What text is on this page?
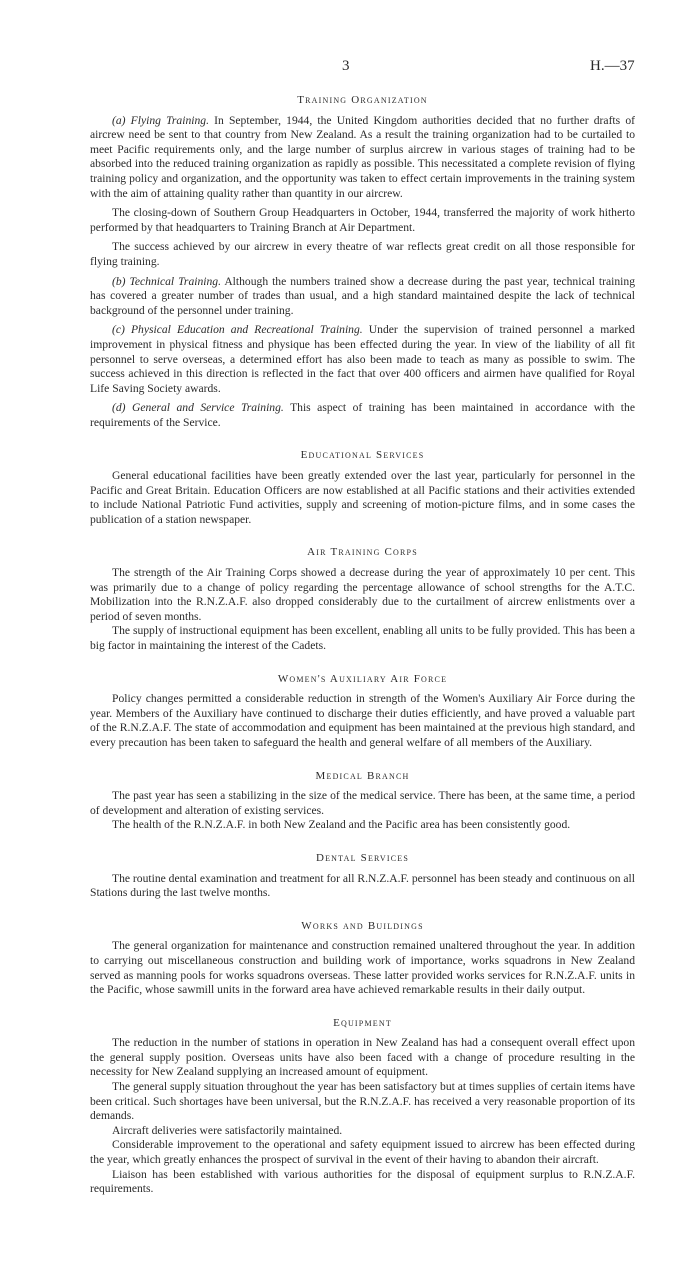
3	H.—37
Training Organization

(a) Flying Training. In September, 1944, the United Kingdom authorities decided that no further drafts of aircrew need be sent to that country from New Zealand. As a result the training organization had to be curtailed to meet Pacific requirements only, and the large number of surplus aircrew in various stages of training had to be absorbed into the reduced training organization as rapidly as possible. This necessitated a complete revision of flying training policy and organization, and the opportunity was taken to effect certain improvements in the training system with the aim of attaining quality rather than quantity in our aircrew.

The closing-down of Southern Group Headquarters in October, 1944, transferred the majority of work hitherto performed by that headquarters to Training Branch at Air Department.

The success achieved by our aircrew in every theatre of war reflects great credit on all those responsible for flying training.

(b) Technical Training. Although the numbers trained show a decrease during the past year, technical training has covered a greater number of trades than usual, and a high standard maintained despite the lack of technical background of the personnel under training.

(c) Physical Education and Recreational Training. Under the supervision of trained personnel a marked improvement in physical fitness and physique has been effected during the year. In view of the liability of all fit personnel to serve overseas, a determined effort has also been made to teach as many as possible to swim. The success achieved in this direction is reflected in the fact that over 400 officers and airmen have qualified for Royal Life Saving Society awards.

(d) General and Service Training. This aspect of training has been maintained in accordance with the requirements of the Service.

Educational Services

General educational facilities have been greatly extended over the last year, particularly for personnel in the Pacific and Great Britain. Education Officers are now established at all Pacific stations and their activities extended to include National Patriotic Fund activities, supply and screening of motion-picture films, and in some cases the publication of a station newspaper.

Air Training Corps

The strength of the Air Training Corps showed a decrease during the year of approximately 10 per cent. This was primarily due to a change of policy regarding the percentage allowance of school strengths for the A.T.C. Mobilization into the R.N.Z.A.F. also dropped considerably due to the curtailment of aircrew enlistments over a period of seven months.

The supply of instructional equipment has been excellent, enabling all units to be fully provided. This has been a big factor in maintaining the interest of the Cadets.

Women's Auxiliary Air Force

Policy changes permitted a considerable reduction in strength of the Women's Auxiliary Air Force during the year. Members of the Auxiliary have continued to discharge their duties efficiently, and have proved a valuable part of the R.N.Z.A.F. The state of accommodation and equipment has been maintained at the previous high standard, and every precaution has been taken to safeguard the health and general welfare of all members of the Auxiliary.

Medical Branch

The past year has seen a stabilizing in the size of the medical service. There has been, at the same time, a period of development and alteration of existing services.

The health of the R.N.Z.A.F. in both New Zealand and the Pacific area has been consistently good.

Dental Services

The routine dental examination and treatment for all R.N.Z.A.F. personnel has been steady and continuous on all Stations during the last twelve months.

Works and Buildings

The general organization for maintenance and construction remained unaltered throughout the year. In addition to carrying out miscellaneous construction and building work of importance, works squadrons in New Zealand served as manning pools for works squadrons overseas. These latter provided works services for R.N.Z.A.F. units in the Pacific, whose sawmill units in the forward area have achieved remarkable results in their daily output.

Equipment

The reduction in the number of stations in operation in New Zealand has had a consequent overall effect upon the general supply position. Overseas units have also been faced with a change of procedure resulting in the necessity for New Zealand supplying an increased amount of equipment.

The general supply situation throughout the year has been satisfactory but at times supplies of certain items have been critical. Such shortages have been universal, but the R.N.Z.A.F. has received a very reasonable proportion of its demands.

Aircraft deliveries were satisfactorily maintained.

Considerable improvement to the operational and safety equipment issued to aircrew has been effected during the year, which greatly enhances the prospect of survival in the event of their having to abandon their aircraft.

Liaison has been established with various authorities for the disposal of equipment surplus to R.N.Z.A.F. requirements.
